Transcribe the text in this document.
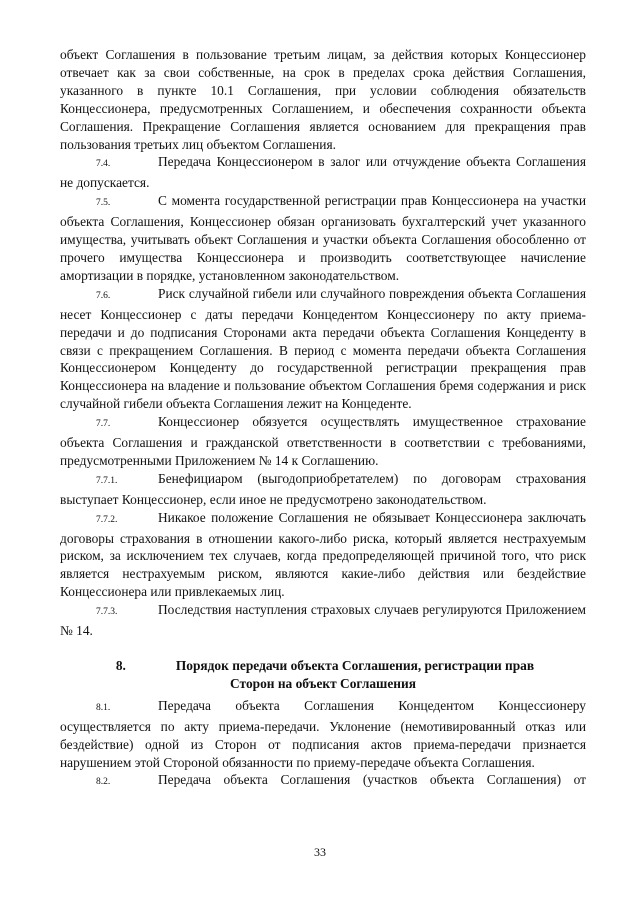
объект Соглашения в пользование третьим лицам, за действия которых Концессионер отвечает как за свои собственные, на срок в пределах срока действия Соглашения, указанного в пункте 10.1 Соглашения, при условии соблюдения обязательств Концессионера, предусмотренных Соглашением, и обеспечения сохранности объекта Соглашения. Прекращение Соглашения является основанием для прекращения прав пользования третьих лиц объектом Соглашения.

7.4.	Передача Концессионером в залог или отчуждение объекта Соглашения не допускается.

7.5.	С момента государственной регистрации прав Концессионера на участки объекта Соглашения, Концессионер обязан организовать бухгалтерский учет указанного имущества, учитывать объект Соглашения и участки объекта Соглашения обособленно от прочего имущества Концессионера и производить соответствующее начисление амортизации в порядке, установленном законодательством.

7.6.	Риск случайной гибели или случайного повреждения объекта Соглашения несет Концессионер с даты передачи Концедентом Концессионеру по акту приема-передачи и до подписания Сторонами акта передачи объекта Соглашения Концеденту в связи с прекращением Соглашения. В период с момента передачи объекта Соглашения Концессионером Концеденту до государственной регистрации прекращения прав Концессионера на владение и пользование объектом Соглашения бремя содержания и риск случайной гибели объекта Соглашения лежит на Концеденте.

7.7.	Концессионер обязуется осуществлять имущественное страхование объекта Соглашения и гражданской ответственности в соответствии с требованиями, предусмотренными Приложением № 14 к Соглашению.

7.7.1.	Бенефициаром (выгодоприобретателем) по договорам страхования выступает Концессионер, если иное не предусмотрено законодательством.

7.7.2.	Никакое положение Соглашения не обязывает Концессионера заключать договоры страхования в отношении какого-либо риска, который является нестрахуемым риском, за исключением тех случаев, когда предопределяющей причиной того, что риск является нестрахуемым риском, являются какие-либо действия или бездействие Концессионера или привлекаемых лиц.

7.7.3.	Последствия наступления страховых случаев регулируются Приложением № 14.

8.	Порядок передачи объекта Соглашения, регистрации прав
Сторон на объект Соглашения

8.1.	Передача объекта Соглашения Концедентом Концессионеру осуществляется по акту приема-передачи. Уклонение (немотивированный отказ или бездействие) одной из Сторон от подписания актов приема-передачи признается нарушением этой Стороной обязанности по приему-передаче объекта Соглашения.

8.2.	Передача объекта Соглашения (участков объекта Соглашения) от

33
